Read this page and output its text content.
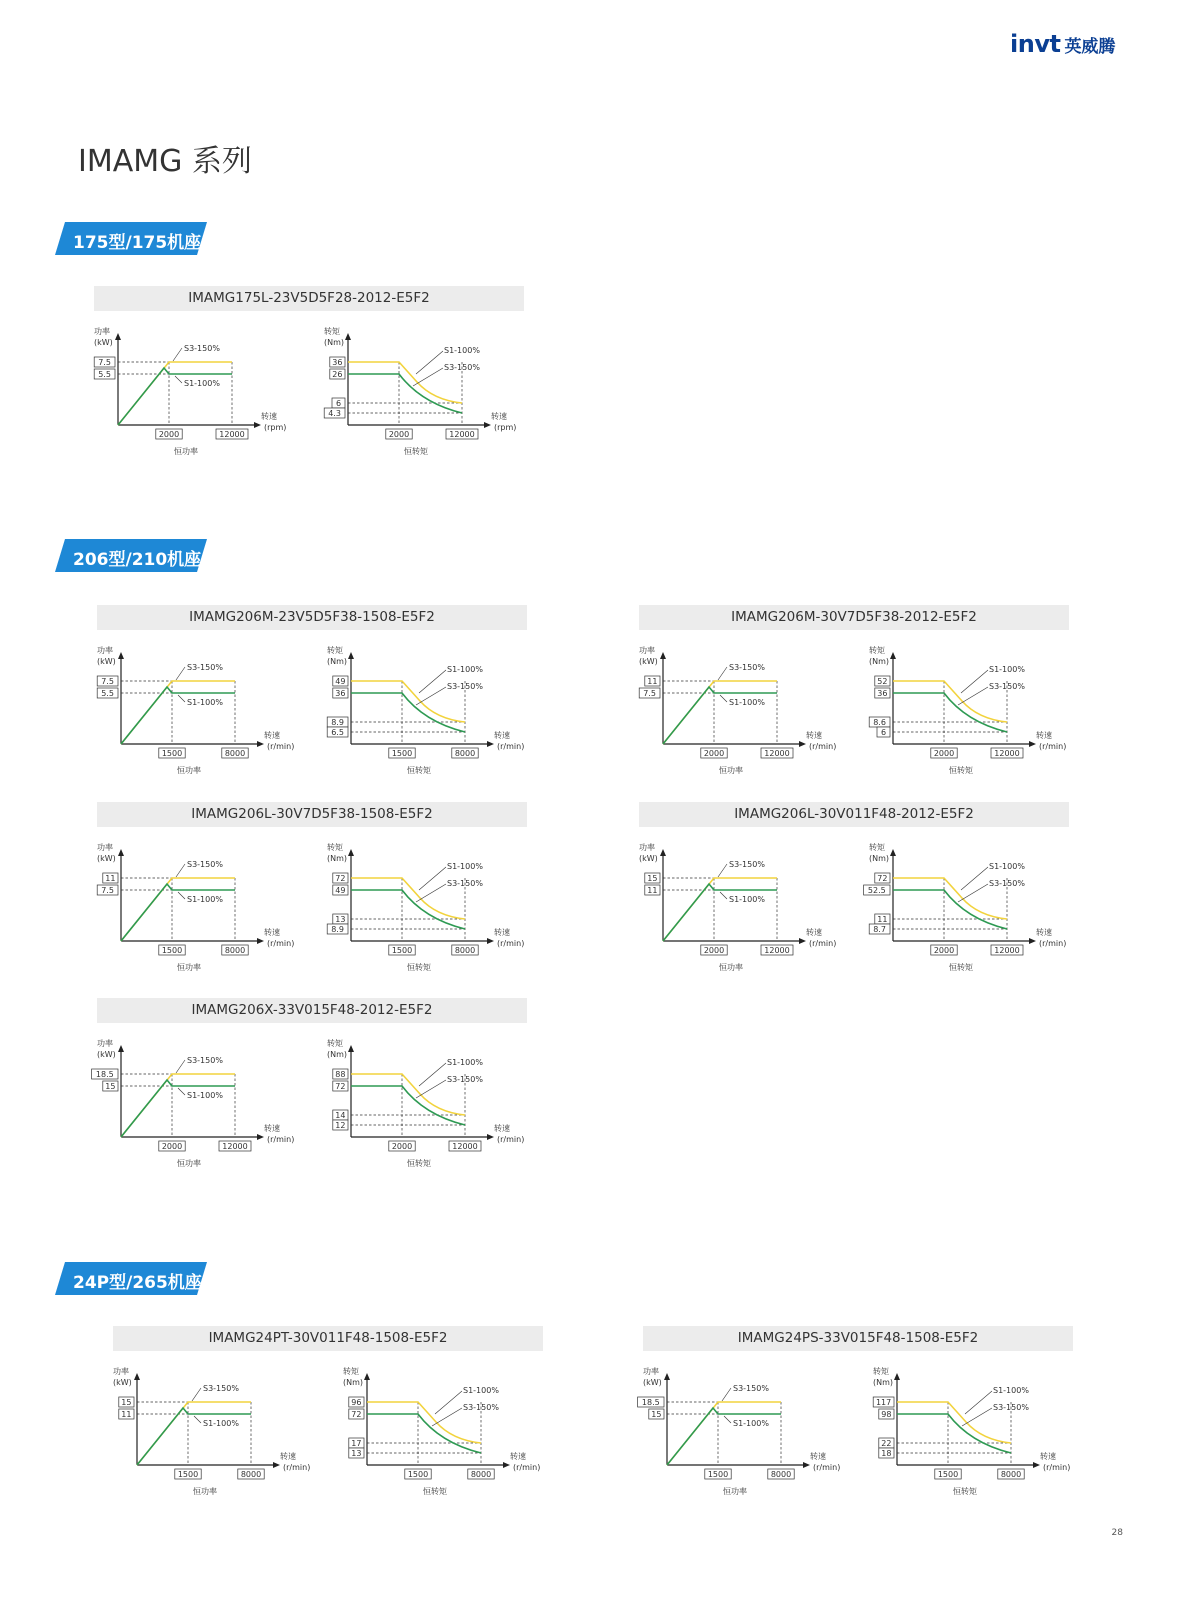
invt 英威腾
IMAMG 系列
175型/175机座
206型/210机座
24P型/265机座
IMAMG175L-23V5D5F28-2012-E5F2
功率
(kW)
7.5
5.5
2000	12000
S3-150%
S1-100%
转速
(rpm)
恒功率
转矩
(Nm)
36
26
6
4.3
2000	12000
S1-100%
S3-150%
转速
(rpm)
恒转矩
IMAMG206M-23V5D5F38-1508-E5F2
功率
(kW)
7.5
5.5
1500	8000
S3-150%
S1-100%
转速
(r/min)
恒功率
转矩
(Nm)
49
36
8.9
6.5
1500	8000
S1-100%
S3-150%
转速
(r/min)
恒转矩
IMAMG206M-30V7D5F38-2012-E5F2
功率
(kW)
11
7.5
2000	12000
S3-150%
S1-100%
转速
(r/min)
恒功率
转矩
(Nm)
52
36
8.6
6
2000	12000
S1-100%
S3-150%
转速
(r/min)
恒转矩
IMAMG206L-30V7D5F38-1508-E5F2
功率
(kW)
11
7.5
1500	8000
S3-150%
S1-100%
转速
(r/min)
恒功率
转矩
(Nm)
72
49
13
8.9
1500	8000
S1-100%
S3-150%
转速
(r/min)
恒转矩
IMAMG206L-30V011F48-2012-E5F2
功率
(kW)
15
11
2000	12000
S3-150%
S1-100%
转速
(r/min)
恒功率
转矩
(Nm)
72
52.5
11
8.7
2000	12000
S1-100%
S3-150%
转速
(r/min)
恒转矩
IMAMG206X-33V015F48-2012-E5F2
功率
(kW)
18.5
15
2000	12000
S3-150%
S1-100%
转速
(r/min)
恒功率
转矩
(Nm)
88
72
14
12
2000	12000
S1-100%
S3-150%
转速
(r/min)
恒转矩
IMAMG24PT-30V011F48-1508-E5F2
功率
(kW)
15
11
1500	8000
S3-150%
S1-100%
转速
(r/min)
恒功率
转矩
(Nm)
96
72
17
13
1500	8000
S1-100%
S3-150%
转速
(r/min)
恒转矩
IMAMG24PS-33V015F48-1508-E5F2
功率
(kW)
18.5
15
1500	8000
S3-150%
S1-100%
转速
(r/min)
恒功率
转矩
(Nm)
117
98
22
18
1500	8000
S1-100%
S3-150%
转速
(r/min)
恒转矩
28
